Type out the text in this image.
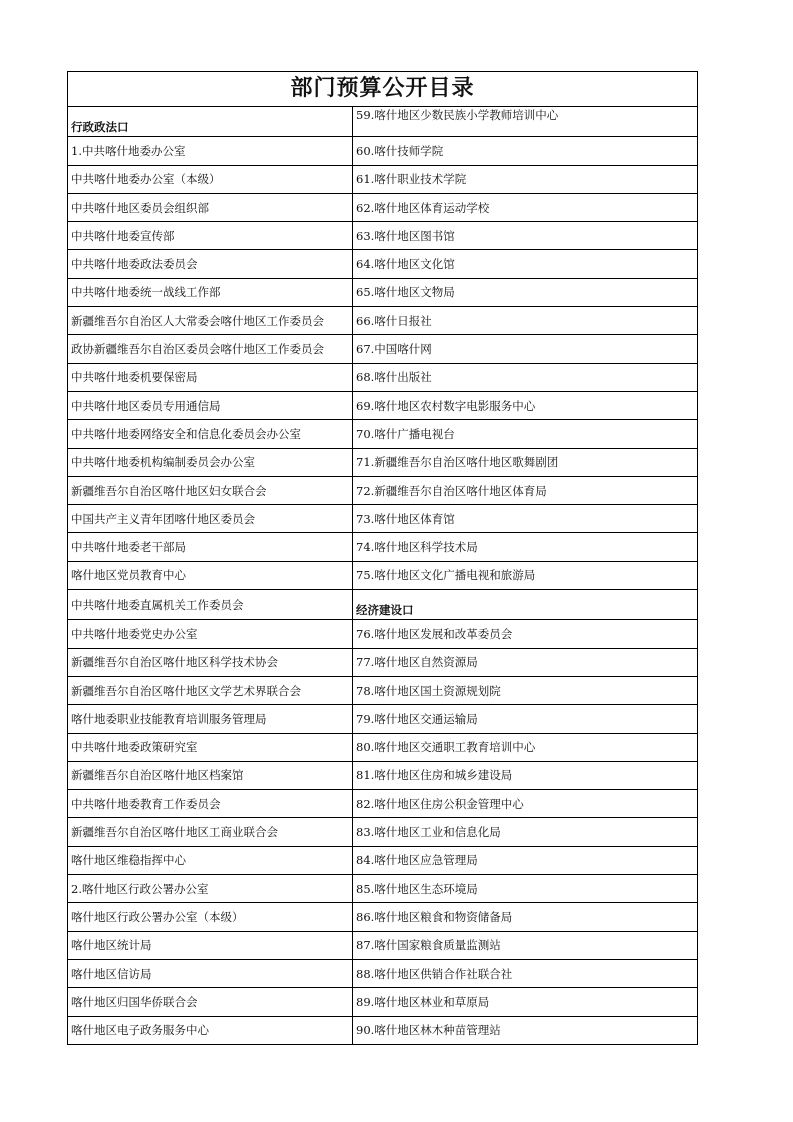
部门预算公开目录
行政政法口	59.喀什地区少数民族小学教师培训中心
1.中共喀什地委办公室	60.喀什技师学院
中共喀什地委办公室（本级）	61.喀什职业技术学院
中共喀什地区委员会组织部	62.喀什地区体育运动学校
中共喀什地委宣传部	63.喀什地区图书馆
中共喀什地委政法委员会	64.喀什地区文化馆
中共喀什地委统一战线工作部	65.喀什地区文物局
新疆维吾尔自治区人大常委会喀什地区工作委员会	66.喀什日报社
政协新疆维吾尔自治区委员会喀什地区工作委员会	67.中国喀什网
中共喀什地委机要保密局	68.喀什出版社
中共喀什地区委员专用通信局	69.喀什地区农村数字电影服务中心
中共喀什地委网络安全和信息化委员会办公室	70.喀什广播电视台
中共喀什地委机构编制委员会办公室	71.新疆维吾尔自治区喀什地区歌舞剧团
新疆维吾尔自治区喀什地区妇女联合会	72.新疆维吾尔自治区喀什地区体育局
中国共产主义青年团喀什地区委员会	73.喀什地区体育馆
中共喀什地委老干部局	74.喀什地区科学技术局
喀什地区党员教育中心	75.喀什地区文化广播电视和旅游局
中共喀什地委直属机关工作委员会	经济建设口
中共喀什地委党史办公室	76.喀什地区发展和改革委员会
新疆维吾尔自治区喀什地区科学技术协会	77.喀什地区自然资源局
新疆维吾尔自治区喀什地区文学艺术界联合会	78.喀什地区国土资源规划院
喀什地委职业技能教育培训服务管理局	79.喀什地区交通运输局
中共喀什地委政策研究室	80.喀什地区交通职工教育培训中心
新疆维吾尔自治区喀什地区档案馆	81.喀什地区住房和城乡建设局
中共喀什地委教育工作委员会	82.喀什地区住房公积金管理中心
新疆维吾尔自治区喀什地区工商业联合会	83.喀什地区工业和信息化局
喀什地区维稳指挥中心	84.喀什地区应急管理局
2.喀什地区行政公署办公室	85.喀什地区生态环境局
喀什地区行政公署办公室（本级）	86.喀什地区粮食和物资储备局
喀什地区统计局	87.喀什国家粮食质量监测站
喀什地区信访局	88.喀什地区供销合作社联合社
喀什地区归国华侨联合会	89.喀什地区林业和草原局
喀什地区电子政务服务中心	90.喀什地区林木种苗管理站
